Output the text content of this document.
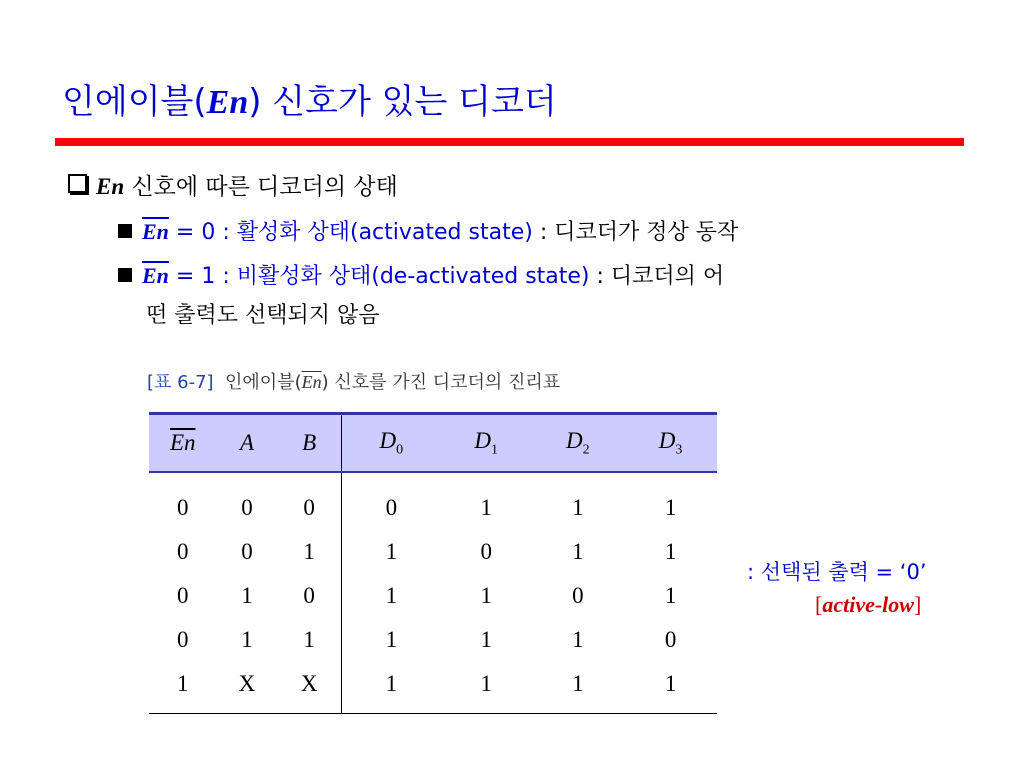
인에이블(En) 신호가 있는 디코더
En 신호에 따른 디코더의 상태
$\overline{En} = 0$ : 활성화 상태(activated state) : 디코더가 정상 동작
$\overline{En} = 1$ : 비활성화 상태(de-activated state) : 디코더의 어
떤 출력도 선택되지 않음
[표 6-7] 인에이블$(\overline{En})$ 신호를 가진 디코더의 진리표
$\overline{En}$	A	B	$D_0$	$D_1$	$D_2$	$D_3$
0	0	0	0	1	1	1
0	0	1	1	0	1	1
0	1	0	1	1	0	1
0	1	1	1	1	1	0
1	X	X	1	1	1	1
: 선택된 출력 = ‘0’
[active-low]
